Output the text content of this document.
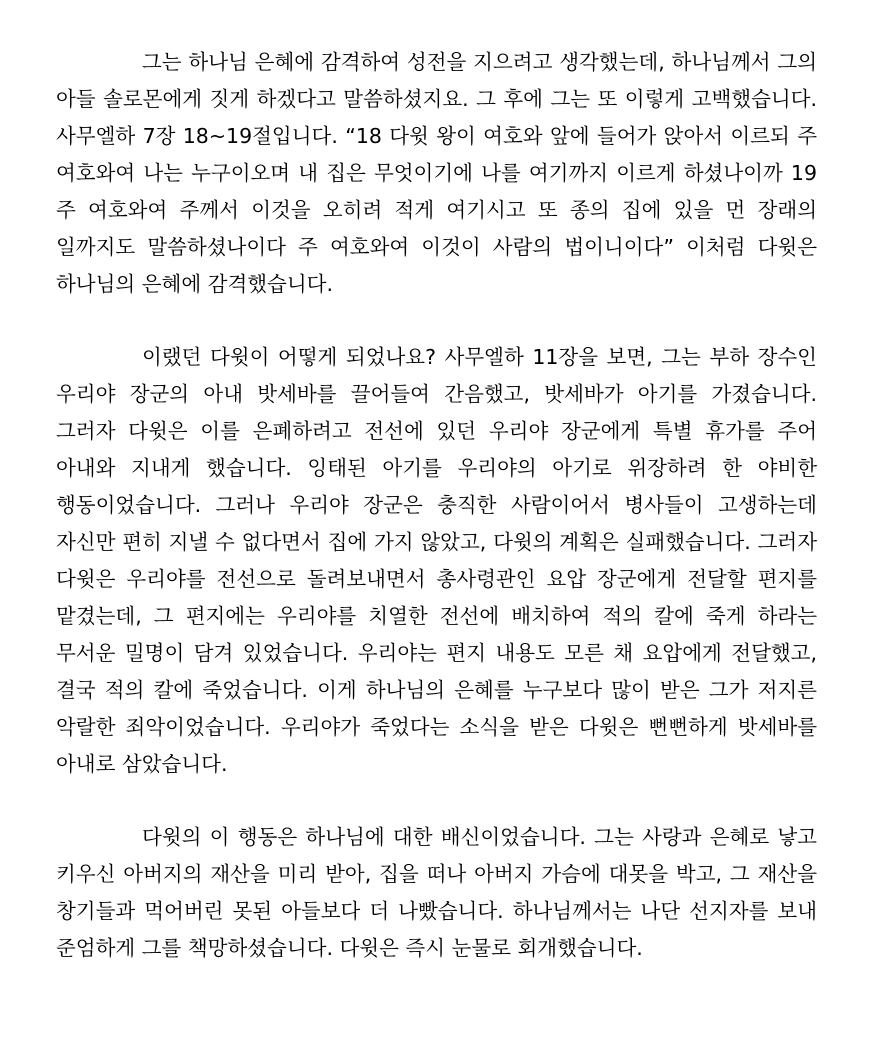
그는 하나님 은혜에 감격하여 성전을 지으려고 생각했는데, 하나님께서 그의 아들 솔로몬에게 짓게 하겠다고 말씀하셨지요. 그 후에 그는 또 이렇게 고백했습니다. 사무엘하 7장 18~19절입니다. “18 다윗 왕이 여호와 앞에 들어가 앉아서 이르되 주 여호와여 나는 누구이오며 내 집은 무엇이기에 나를 여기까지 이르게 하셨나이까 19 주 여호와여 주께서 이것을 오히려 적게 여기시고 또 종의 집에 있을 먼 장래의 일까지도 말씀하셨나이다 주 여호와여 이것이 사람의 법이니이다” 이처럼 다윗은 하나님의 은혜에 감격했습니다.

이랬던 다윗이 어떻게 되었나요? 사무엘하 11장을 보면, 그는 부하 장수인 우리야 장군의 아내 밧세바를 끌어들여 간음했고, 밧세바가 아기를 가졌습니다. 그러자 다윗은 이를 은폐하려고 전선에 있던 우리야 장군에게 특별 휴가를 주어 아내와 지내게 했습니다. 잉태된 아기를 우리야의 아기로 위장하려 한 야비한 행동이었습니다. 그러나 우리야 장군은 충직한 사람이어서 병사들이 고생하는데 자신만 편히 지낼 수 없다면서 집에 가지 않았고, 다윗의 계획은 실패했습니다. 그러자 다윗은 우리야를 전선으로 돌려보내면서 총사령관인 요압 장군에게 전달할 편지를 맡겼는데, 그 편지에는 우리야를 치열한 전선에 배치하여 적의 칼에 죽게 하라는 무서운 밀명이 담겨 있었습니다. 우리야는 편지 내용도 모른 채 요압에게 전달했고, 결국 적의 칼에 죽었습니다. 이게 하나님의 은혜를 누구보다 많이 받은 그가 저지른 악랄한 죄악이었습니다. 우리야가 죽었다는 소식을 받은 다윗은 뻔뻔하게 밧세바를 아내로 삼았습니다.

다윗의 이 행동은 하나님에 대한 배신이었습니다. 그는 사랑과 은혜로 낳고 키우신 아버지의 재산을 미리 받아, 집을 떠나 아버지 가슴에 대못을 박고, 그 재산을 창기들과 먹어버린 못된 아들보다 더 나빴습니다. 하나님께서는 나단 선지자를 보내 준엄하게 그를 책망하셨습니다. 다윗은 즉시 눈물로 회개했습니다.
